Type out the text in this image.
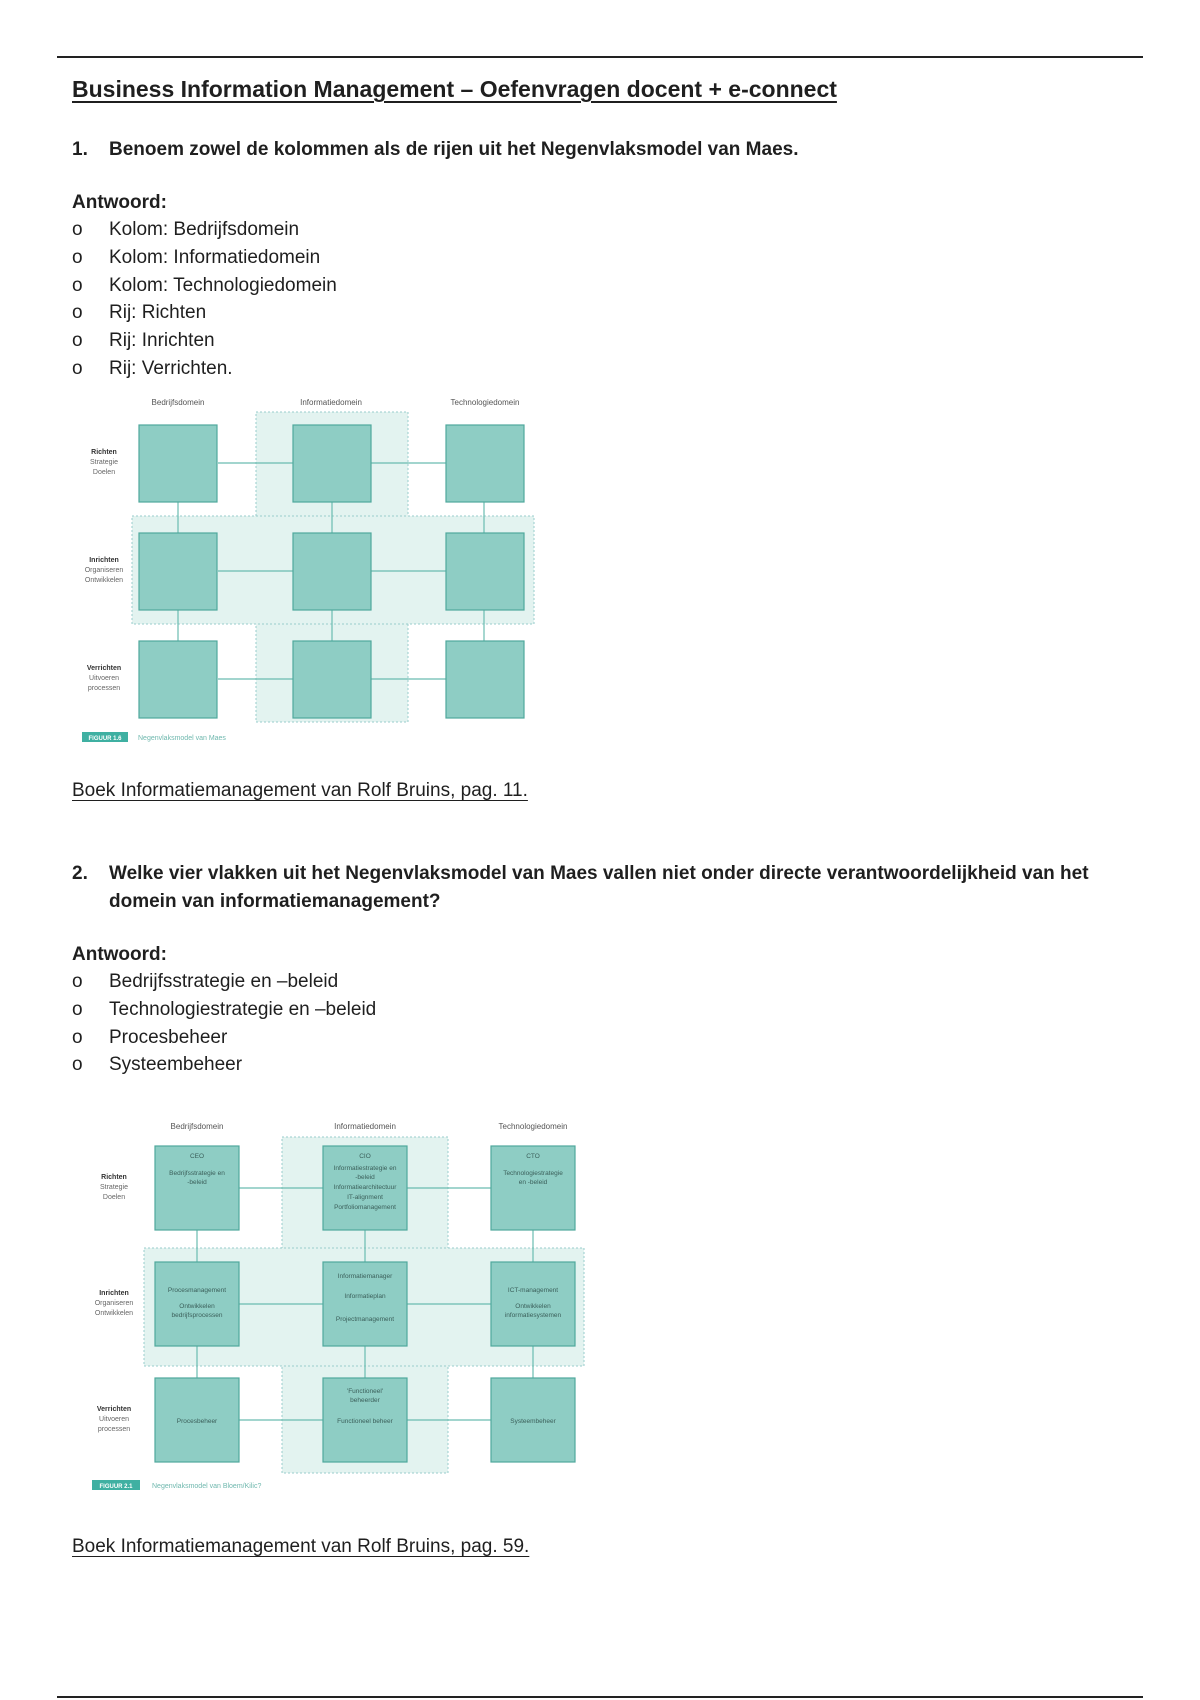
Business Information Management – Oefenvragen docent + e-connect
1.	Benoem zowel de kolommen als de rijen uit het Negenvlaksmodel van Maes.

Antwoord:

o	Kolom: Bedrijfsdomein
o	Kolom: Informatiedomein
o	Kolom: Technologiedomein
o	Rij: Richten
o	Rij: Inrichten
o	Rij: Verrichten.
Bedrijfsdomein	Informatiedomein	Technologiedomein
Richten
Strategie
Doelen
Inrichten
Organiseren
Ontwikkelen
Verrichten
Uitvoeren
processen
FIGUUR 1.6 Negenvlaksmodel van Maes

Boek Informatiemanagement van Rolf Bruins, pag. 11.

2.	Welke vier vlakken uit het Negenvlaksmodel van Maes vallen niet onder directe verantwoordelijkheid van het domein van informatiemanagement?

Antwoord:

o	Bedrijfsstrategie en –beleid
o	Technologiestrategie en –beleid
o	Procesbeheer
o	Systeembeheer
Bedrijfsdomein	Informatiedomein	Technologiedomein
CEO
Bedrijfsstrategie en
-beleid
CIO
Informatiestrategie en
-beleid
Informatiearchitectuur
IT-alignment
Portfoliomanagement
CTO
Technologiestrategie
en -beleid
Procesmanagement
Ontwikkelen
bedrijfsprocessen
Informatiemanager
Informatieplan
Projectmanagement
ICT-management
Ontwikkelen
informatiesystemen
Procesbeheer
'Functioneel'
beheerder
Functioneel beheer	Systeembeheer
Richten
Strategie
Doelen
Inrichten
Organiseren
Ontwikkelen
Verrichten
Uitvoeren
processen
FIGUUR 2.1	Negenvlaksmodel van Bloem/Kilic?

Boek Informatiemanagement van Rolf Bruins, pag. 59.
